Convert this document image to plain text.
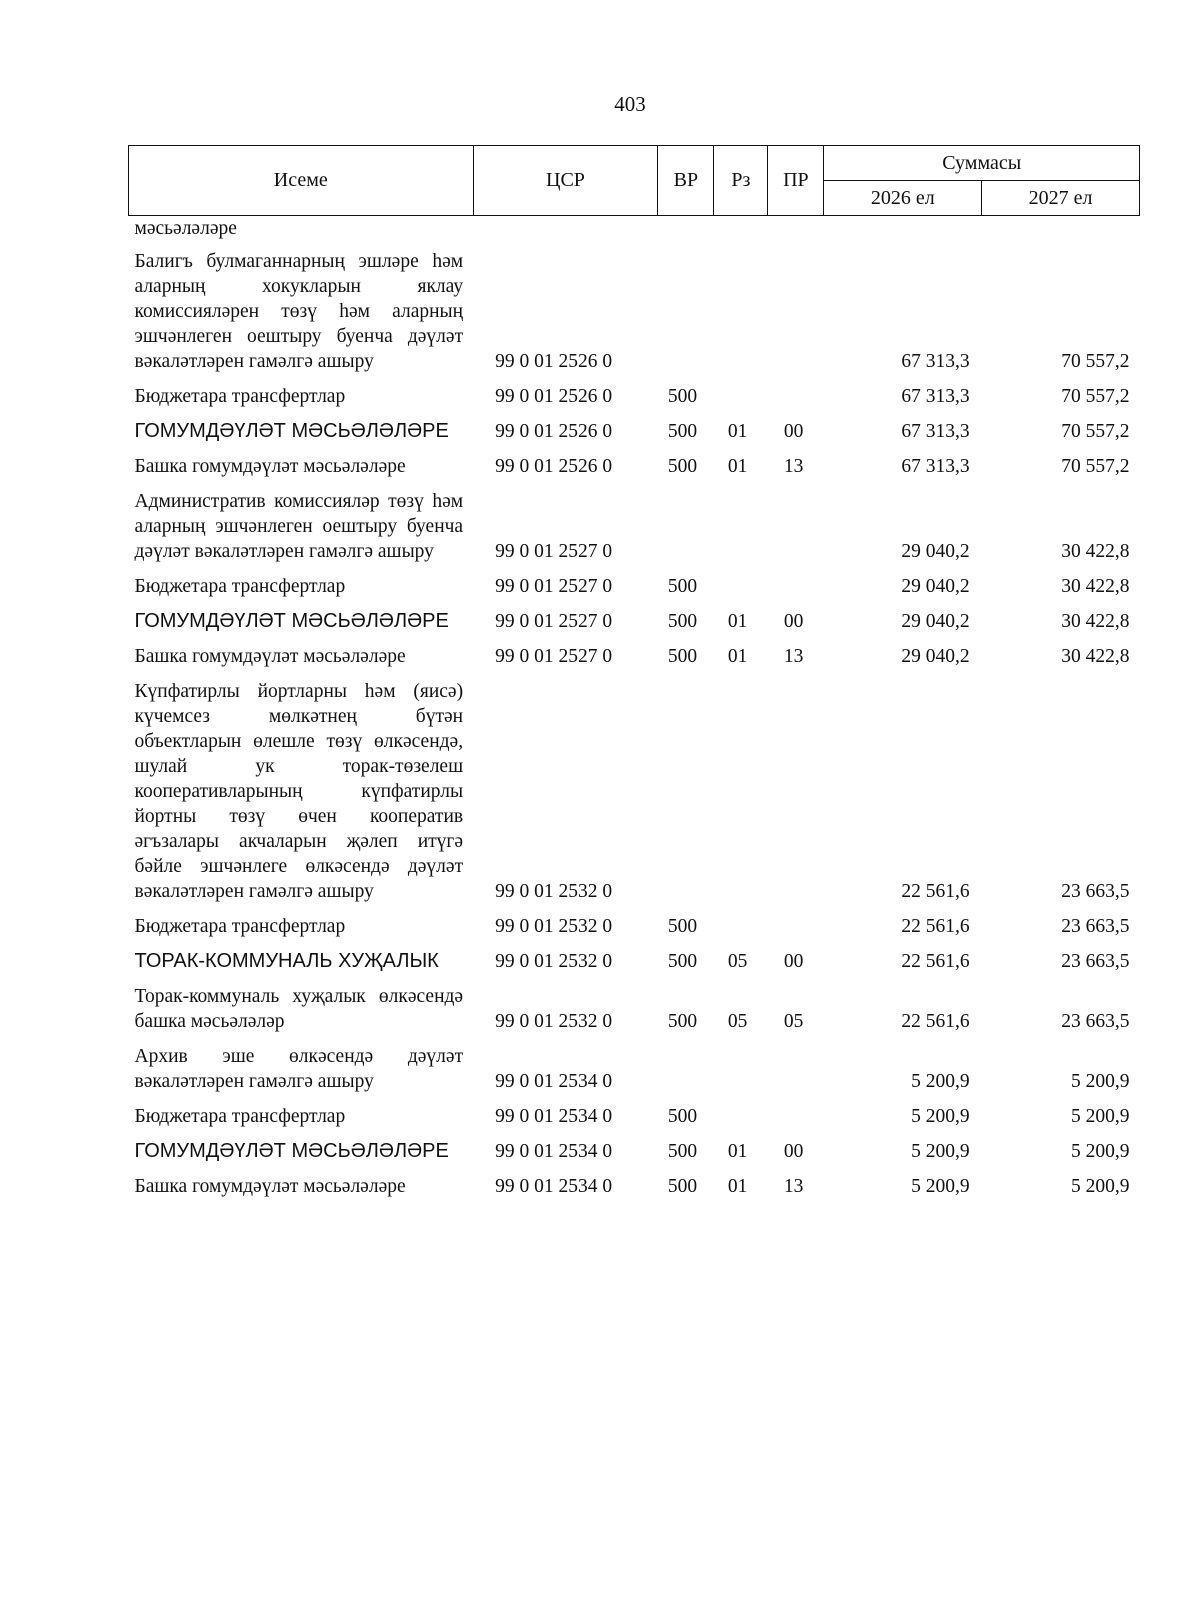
403
Исеме	ЦСР	ВР	Рз	ПР	Суммасы	
					2026 ел	2027 ел
мәсьәләләре						
Балигъ булмаганнарның эшләре һәм аларның хокукларын яклау комиссияләрен төзү һәм аларның эшчәнлеген оештыру буенча дәүләт вәкаләтләрен гамәлгә ашыру	99 0 01 2526 0				67 313,3	70 557,2
Бюджетара трансфертлар	99 0 01 2526 0	500			67 313,3	70 557,2
ГОМУМДӘҮЛӘТ МӘСЬӘЛӘЛӘРЕ	99 0 01 2526 0	500	01	00	67 313,3	70 557,2
Башка гомумдәүләт мәсьәләләре	99 0 01 2526 0	500	01	13	67 313,3	70 557,2
Административ комиссияләр төзү һәм аларның эшчәнлеген оештыру буенча дәүләт вәкаләтләрен гамәлгә ашыру	99 0 01 2527 0				29 040,2	30 422,8
Бюджетара трансфертлар	99 0 01 2527 0	500			29 040,2	30 422,8
ГОМУМДӘҮЛӘТ МӘСЬӘЛӘЛӘРЕ	99 0 01 2527 0	500	01	00	29 040,2	30 422,8
Башка гомумдәүләт мәсьәләләре	99 0 01 2527 0	500	01	13	29 040,2	30 422,8
Күпфатирлы йортларны һәм (яисә) күчемсез мөлкәтнең бүтән объектларын өлешле төзү өлкәсендә, шулай ук торак-төзелеш кооперативларының күпфатирлы йортны төзү өчен кооператив әгъзалары акчаларын җәлеп итүгә бәйле эшчәнлеге өлкәсендә дәүләт вәкаләтләрен гамәлгә ашыру	99 0 01 2532 0				22 561,6	23 663,5
Бюджетара трансфертлар	99 0 01 2532 0	500			22 561,6	23 663,5
ТОРАК-КОММУНАЛЬ ХУҖАЛЫК	99 0 01 2532 0	500	05	00	22 561,6	23 663,5
Торак-коммуналь хуҗалык өлкәсендә башка мәсьәләләр	99 0 01 2532 0	500	05	05	22 561,6	23 663,5
Архив эше өлкәсендә дәүләт вәкаләтләрен гамәлгә ашыру	99 0 01 2534 0				5 200,9	5 200,9
Бюджетара трансфертлар	99 0 01 2534 0	500			5 200,9	5 200,9
ГОМУМДӘҮЛӘТ МӘСЬӘЛӘЛӘРЕ	99 0 01 2534 0	500	01	00	5 200,9	5 200,9
Башка гомумдәүләт мәсьәләләре	99 0 01 2534 0	500	01	13	5 200,9	5 200,9
